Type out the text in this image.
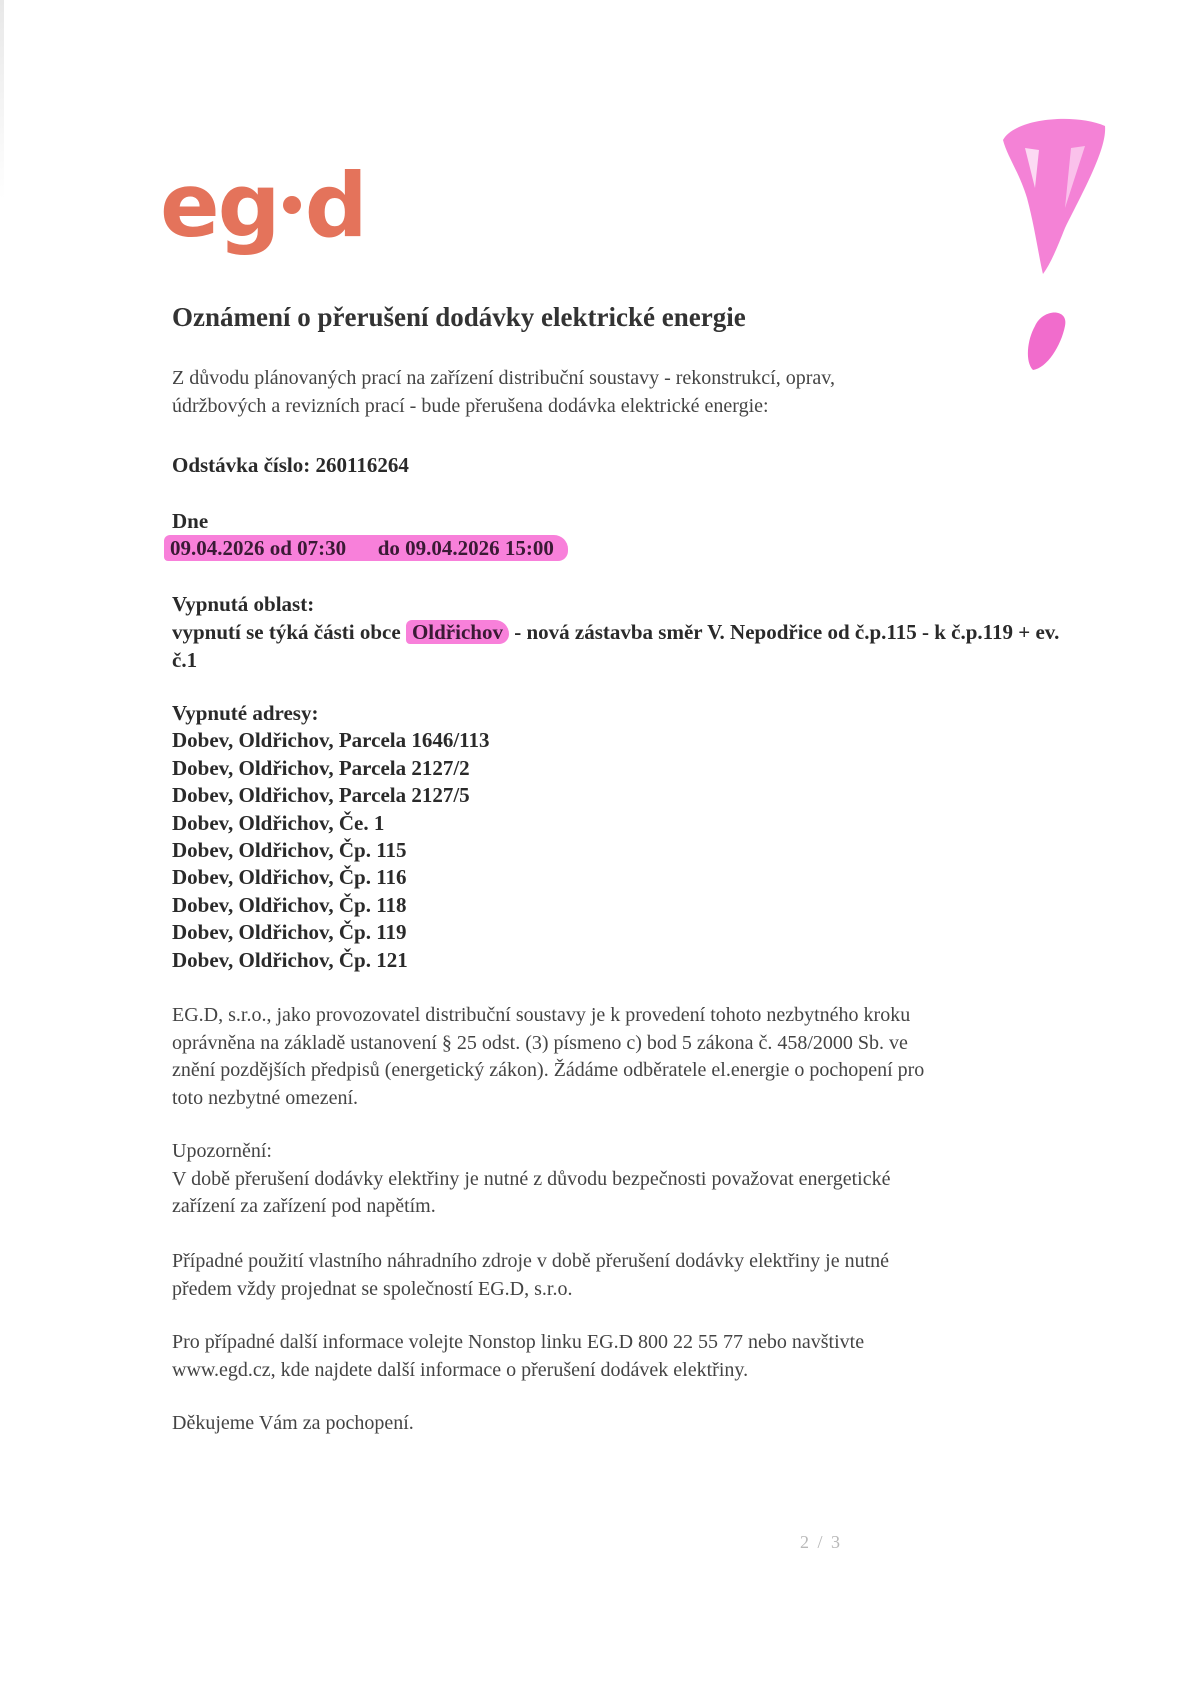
eg d
Oznámení o přerušení dodávky elektrické energie
Z důvodu plánovaných prací na zařízení distribuční soustavy - rekonstrukcí, oprav,
údržbových a revizních prací - bude přerušena dodávka elektrické energie:
Odstávka číslo: 260116264
Dne
09.04.2026 od 07:30 do 09.04.2026 15:00
Vypnutá oblast:
vypnutí se týká části obce Oldřichov - nová zástavba směr V. Nepodřice od č.p.115 - k č.p.119 + ev.
č.1
Vypnuté adresy:
Dobev, Oldřichov, Parcela 1646/113
Dobev, Oldřichov, Parcela 2127/2
Dobev, Oldřichov, Parcela 2127/5
Dobev, Oldřichov, Če. 1
Dobev, Oldřichov, Čp. 115
Dobev, Oldřichov, Čp. 116
Dobev, Oldřichov, Čp. 118
Dobev, Oldřichov, Čp. 119
Dobev, Oldřichov, Čp. 121
EG.D, s.r.o., jako provozovatel distribuční soustavy je k provedení tohoto nezbytného kroku
oprávněna na základě ustanovení § 25 odst. (3) písmeno c) bod 5 zákona č. 458/2000 Sb. ve
znění pozdějších předpisů (energetický zákon). Žádáme odběratele el.energie o pochopení pro
toto nezbytné omezení.
Upozornění:
V době přerušení dodávky elektřiny je nutné z důvodu bezpečnosti považovat energetické
zařízení za zařízení pod napětím.
Případné použití vlastního náhradního zdroje v době přerušení dodávky elektřiny je nutné
předem vždy projednat se společností EG.D, s.r.o.
Pro případné další informace volejte Nonstop linku EG.D 800 22 55 77 nebo navštivte
www.egd.cz, kde najdete další informace o přerušení dodávek elektřiny.
Děkujeme Vám za pochopení.
2 / 3
